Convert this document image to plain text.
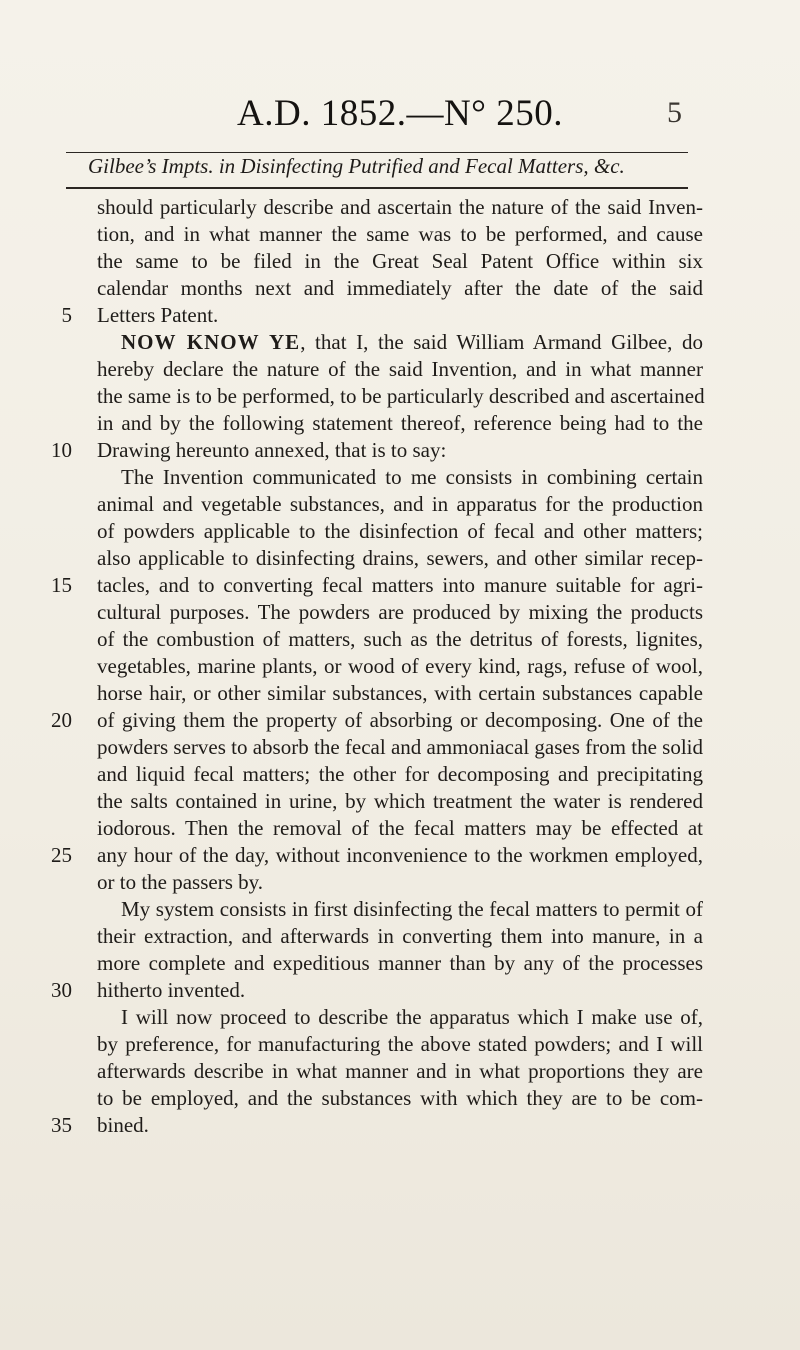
A.D. 1852.—N° 250.	5
Gilbee’s Impts. in Disinfecting Putrified and Fecal Matters, &c.
5
10
15
20
25
30
35
should particularly describe and ascertain the nature of the said Inven-
tion, and in what manner the same was to be performed, and cause
the same to be filed in the Great Seal Patent Office within six
calendar months next and immediately after the date of the said
Letters Patent.
NOW KNOW YE, that I, the said William Armand Gilbee, do
hereby declare the nature of the said Invention, and in what manner
the same is to be performed, to be particularly described and ascertained
in and by the following statement thereof, reference being had to the
Drawing hereunto annexed, that is to say:
The Invention communicated to me consists in combining certain
animal and vegetable substances, and in apparatus for the production
of powders applicable to the disinfection of fecal and other matters;
also applicable to disinfecting drains, sewers, and other similar recep-
tacles, and to converting fecal matters into manure suitable for agri-
cultural purposes. The powders are produced by mixing the products
of the combustion of matters, such as the detritus of forests, lignites,
vegetables, marine plants, or wood of every kind, rags, refuse of wool,
horse hair, or other similar substances, with certain substances capable
of giving them the property of absorbing or decomposing. One of the
powders serves to absorb the fecal and ammoniacal gases from the solid
and liquid fecal matters; the other for decomposing and precipitating
the salts contained in urine, by which treatment the water is rendered
iodorous. Then the removal of the fecal matters may be effected at
any hour of the day, without inconvenience to the workmen employed,
or to the passers by.
My system consists in first disinfecting the fecal matters to permit of
their extraction, and afterwards in converting them into manure, in a
more complete and expeditious manner than by any of the processes
hitherto invented.
I will now proceed to describe the apparatus which I make use of,
by preference, for manufacturing the above stated powders; and I will
afterwards describe in what manner and in what proportions they are
to be employed, and the substances with which they are to be com-
bined.
